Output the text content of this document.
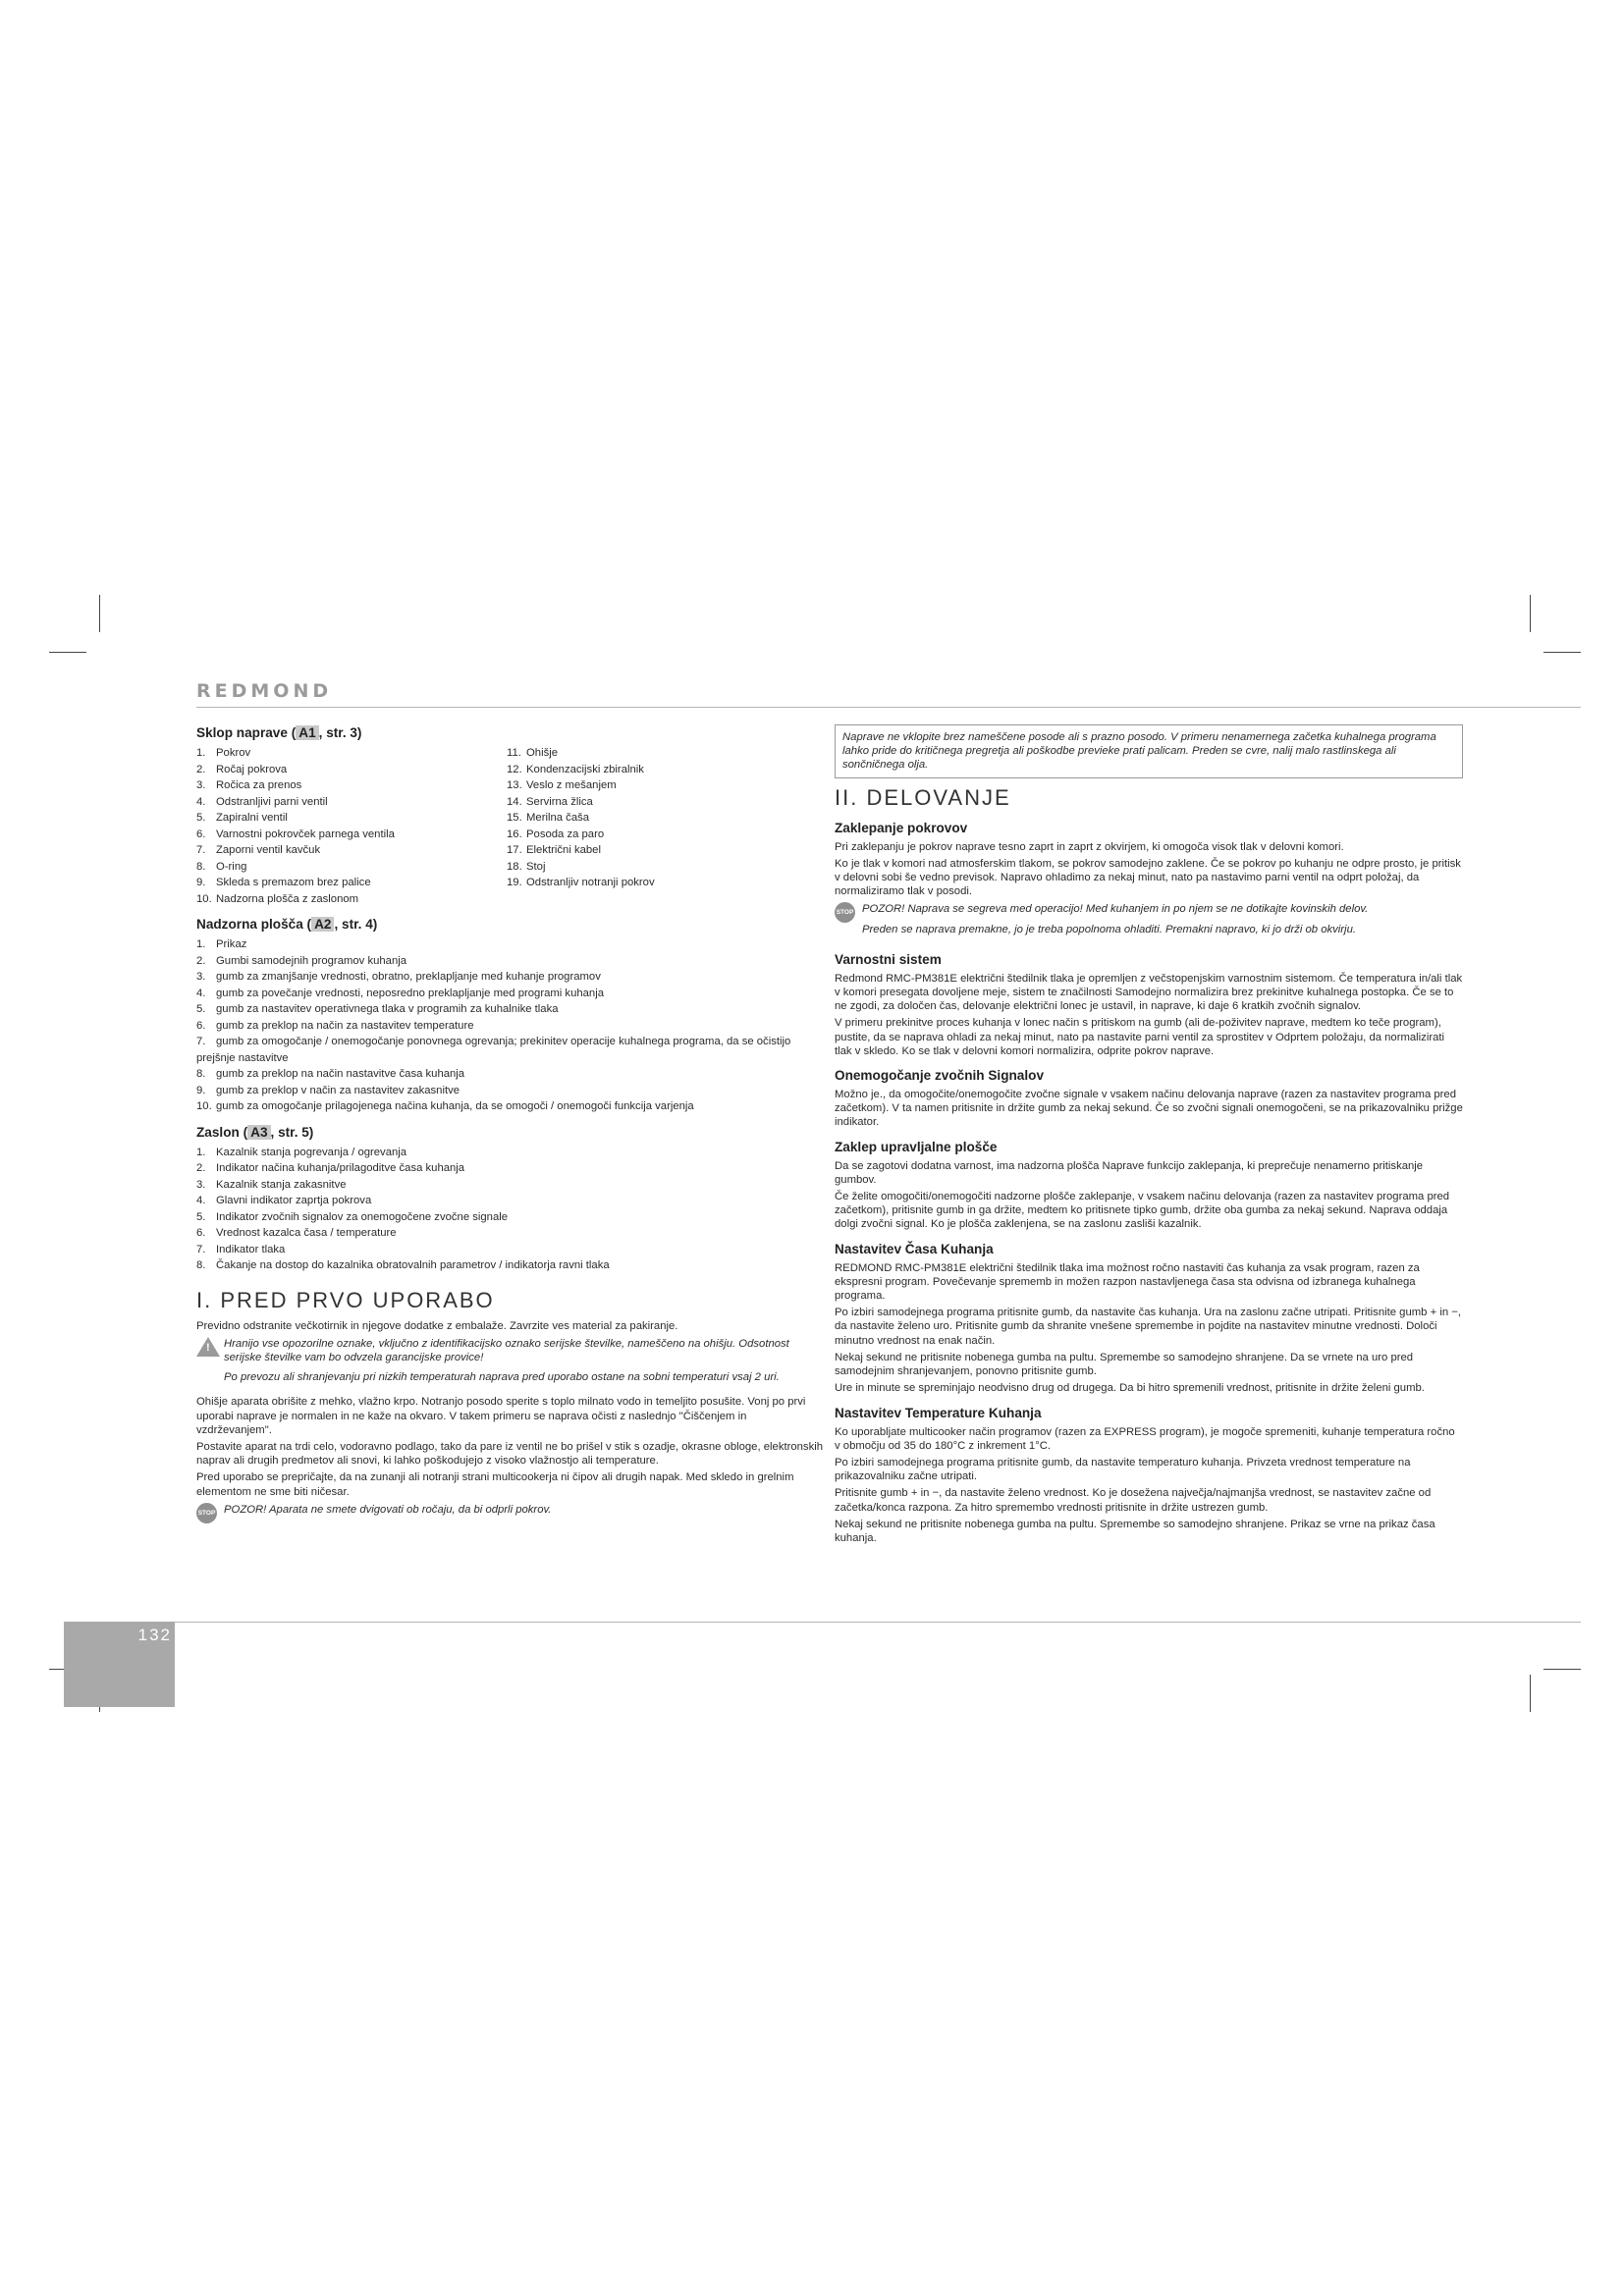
REDMOND
Sklop naprave ( A1 , str. 3)
1. Pokrov
2. Ročaj pokrova
3. Ročica za prenos
4. Odstranljivi parni ventil
5. Zapiralni ventil
6. Varnostni pokrovček parnega ventila
7. Zaporni ventil kavčuk
8. O-ring
9. Skleda s premazom brez palice
10. Nadzorna plošča z zaslonom
11. Ohišje
12. Kondenzacijski zbiralnik
13. Veslo z mešanjem
14. Servirna žlica
15. Merilna čaša
16. Posoda za paro
17. Električni kabel
18. Stoj
19. Odstranljiv notranji pokrov
Nadzorna plošča ( A2 , str. 4)
1. Prikaz
2. Gumbi samodejnih programov kuhanja
3. gumb za zmanjšanje vrednosti, obratno, preklapljanje med kuhanje programov
4. gumb za povečanje vrednosti, neposredno preklapljanje med programi kuhanja
5. gumb za nastavitev operativnega tlaka v programih za kuhalnike tlaka
6. gumb za preklop na način za nastavitev temperature
7. gumb za omogočanje / onemogočanje ponovnega ogrevanja; prekinitev operacije kuhalnega programa, da se očistijo prejšnje nastavitve
8. gumb za preklop na način nastavitve časa kuhanja
9. gumb za preklop v način za nastavitev zakasnitve
10. gumb za omogočanje prilagojenega načina kuhanja, da se omogoči / onemogoči funkcija varjenja
Zaslon ( A3 , str. 5)
1. Kazalnik stanja pogrevanja / ogrevanja
2. Indikator načina kuhanja/prilagoditve časa kuhanja
3. Kazalnik stanja zakasnitve
4. Glavni indikator zaprtja pokrova
5. Indikator zvočnih signalov za onemogočene zvočne signale
6. Vrednost kazalca časa / temperature
7. Indikator tlaka
8. Čakanje na dostop do kazalnika obratovalnih parametrov / indikatorja ravni tlaka
I. PRED PRVO UPORABO

Previdno odstranite večkotirnik in njegove dodatke z embalaže. Zavrzite ves material za pakiranje.

! Hranijo vse opozorilne oznake, vključno z identifikacijsko oznako serijske številke, nameščeno na ohišju. Odsotnost serijske številke vam bo odvzela garancijske provice!

Po prevozu ali shranjevanju pri nizkih temperaturah naprava pred uporabo ostane na sobni temperaturi vsaj 2 uri.

Ohišje aparata obrišite z mehko, vlažno krpo. Notranjo posodo sperite s toplo milnato vodo in temeljito posušite. Vonj po prvi uporabi naprave je normalen in ne kaže na okvaro. V takem primeru se naprava očisti z naslednjo "Čiščenjem in vzdrževanjem".

Postavite aparat na trdi celo, vodoravno podlago, tako da pare iz ventil ne bo prišel v stik s ozadje, okrasne obloge, elektronskih naprav ali drugih predmetov ali snovi, ki lahko poškodujejo z visoko vlažnostjo ali temperature.

Pred uporabo se prepričajte, da na zunanji ali notranji strani multicookerja ni čipov ali drugih napak. Med skledo in grelnim elementom ne sme biti ničesar.

STOP POZOR! Aparata ne smete dvigovati ob ročaju, da bi odprli pokrov.

Naprave ne vklopite brez nameščene posode ali s prazno posodo. V primeru nenamernega začetka kuhalnega programa lahko pride do kritičnega pregretja ali poškodbe previeke prati palicam. Preden se cvre, nalij malo rastlinskega ali sončničnega olja.
II. DELOVANJE
Zaklepanje pokrovov

Pri zaklepanju je pokrov naprave tesno zaprt in zaprt z okvirjem, ki omogoča visok tlak v delovni komori.

Ko je tlak v komori nad atmosferskim tlakom, se pokrov samodejno zaklene. Če se pokrov po kuhanju ne odpre prosto, je pritisk v delovni sobi še vedno previsok. Napravo ohladimo za nekaj minut, nato pa nastavimo parni ventil na odprt položaj, da normaliziramo tlak v posodi.

STOP POZOR! Naprava se segreva med operacijo! Med kuhanjem in po njem se ne dotikajte kovinskih delov.

Preden se naprava premakne, jo je treba popolnoma ohladiti. Premakni napravo, ki jo drži ob okvirju.

Varnostni sistem

Redmond RMC-PM381E električni štedilnik tlaka je opremljen z večstopenjskim varnostnim sistemom. Če temperatura in/ali tlak v komori presegata dovoljene meje, sistem te značilnosti Samodejno normalizira brez prekinitve kuhalnega postopka. Če se to ne zgodi, za določen čas, delovanje električni lonec je ustavil, in naprave, ki daje 6 kratkih zvočnih signalov.

V primeru prekinitve proces kuhanja v lonec način s pritiskom na gumb (ali de-poživitev naprave, medtem ko teče program), pustite, da se naprava ohladi za nekaj minut, nato pa nastavite parni ventil za sprostitev v Odprtem položaju, da normalizirati tlak v skledo. Ko se tlak v delovni komori normalizira, odprite pokrov naprave.

Onemogočanje zvočnih Signalov

Možno je., da omogočite/onemogočite zvočne signale v vsakem načinu delovanja naprave (razen za nastavitev programa pred začetkom). V ta namen pritisnite in držite gumb za nekaj sekund. Če so zvočni signali onemogočeni, se na prikazovalniku prižge indikator.

Zaklep upravljalne plošče

Da se zagotovi dodatna varnost, ima nadzorna plošča Naprave funkcijo zaklepanja, ki preprečuje nenamerno pritiskanje gumbov.

Če želite omogočiti/onemogočiti nadzorne plošče zaklepanje, v vsakem načinu delovanja (razen za nastavitev programa pred začetkom), pritisnite gumb in ga držite, medtem ko pritisnete tipko gumb, držite oba gumba za nekaj sekund. Naprava oddaja dolgi zvočni signal. Ko je plošča zaklenjena, se na zaslonu zasliši kazalnik.

Nastavitev Časa Kuhanja

REDMOND RMC-PM381E električni štedilnik tlaka ima možnost ročno nastaviti čas kuhanja za vsak program, razen za ekspresni program. Povečevanje sprememb in možen razpon nastavljenega časa sta odvisna od izbranega kuhalnega programa.

Po izbiri samodejnega programa pritisnite gumb, da nastavite čas kuhanja. Ura na zaslonu začne utripati. Pritisnite gumb + in −, da nastavite želeno uro. Pritisnite gumb da shranite vnešene spremembe in pojdite na nastavitev minutne vrednosti. Določi minutno vrednost na enak način.

Nekaj sekund ne pritisnite nobenega gumba na pultu. Spremembe so samodejno shranjene. Da se vrnete na uro pred samodejnim shranjevanjem, ponovno pritisnite gumb.

Ure in minute se spreminjajo neodvisno drug od drugega. Da bi hitro spremenili vrednost, pritisnite in držite želeni gumb.

Nastavitev Temperature Kuhanja

Ko uporabljate multicooker način programov (razen za EXPRESS program), je mogoče spremeniti, kuhanje temperatura ročno v območju od 35 do 180°C z inkrement 1°C.

Po izbiri samodejnega programa pritisnite gumb, da nastavite temperaturo kuhanja. Privzeta vrednost temperature na prikazovalniku začne utripati.

Pritisnite gumb + in −, da nastavite želeno vrednost. Ko je dosežena največja/najmanjša vrednost, se nastavitev začne od začetka/konca razpona. Za hitro spremembo vrednosti pritisnite in držite ustrezen gumb.

Nekaj sekund ne pritisnite nobenega gumba na pultu. Spremembe so samodejno shranjene. Prikaz se vrne na prikaz časa kuhanja.

132
